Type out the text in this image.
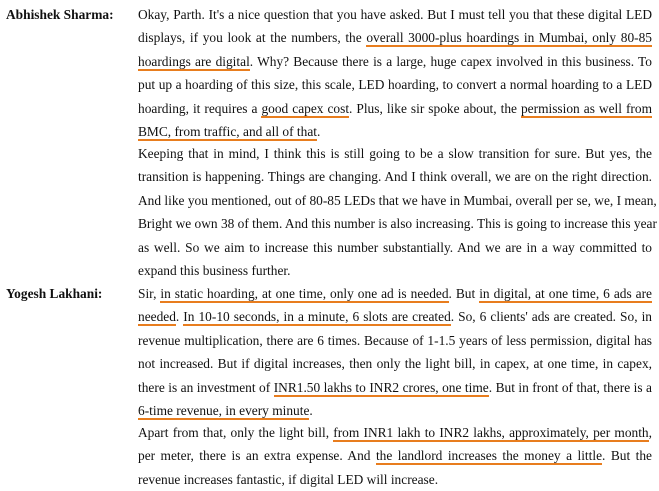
Abhishek Sharma: Okay, Parth. It's a nice question that you have asked. But I must tell you that these digital LED
displays, if you look at the numbers, the overall 3000-plus hoardings in Mumbai, only 80-85
hoardings are digital. Why? Because there is a large, huge capex involved in this business. To
put up a hoarding of this size, this scale, LED hoarding, to convert a normal hoarding to a LED
hoarding, it requires a good capex cost. Plus, like sir spoke about, the permission as well from
BMC, from traffic, and all of that.

Keeping that in mind, I think this is still going to be a slow transition for sure. But yes, the
transition is happening. Things are changing. And I think overall, we are on the right direction.
And like you mentioned, out of 80-85 LEDs that we have in Mumbai, overall per se, we, I mean,
Bright we own 38 of them. And this number is also increasing. This is going to increase this year
as well. So we aim to increase this number substantially. And we are in a way committed to
expand this business further.

Yogesh Lakhani:	Sir, in static hoarding, at one time, only one ad is needed. But in digital, at one time, 6 ads are
needed. In 10-10 seconds, in a minute, 6 slots are created. So, 6 clients' ads are created. So, in
revenue multiplication, there are 6 times. Because of 1-1.5 years of less permission, digital has
not increased. But if digital increases, then only the light bill, in capex, at one time, in capex,
there is an investment of INR1.50 lakhs to INR2 crores, one time. But in front of that, there is a
6-time revenue, in every minute.

Apart from that, only the light bill, from INR1 lakh to INR2 lakhs, approximately, per month,
per meter, there is an extra expense. And the landlord increases the money a little. But the
revenue increases fantastic, if digital LED will increase.
